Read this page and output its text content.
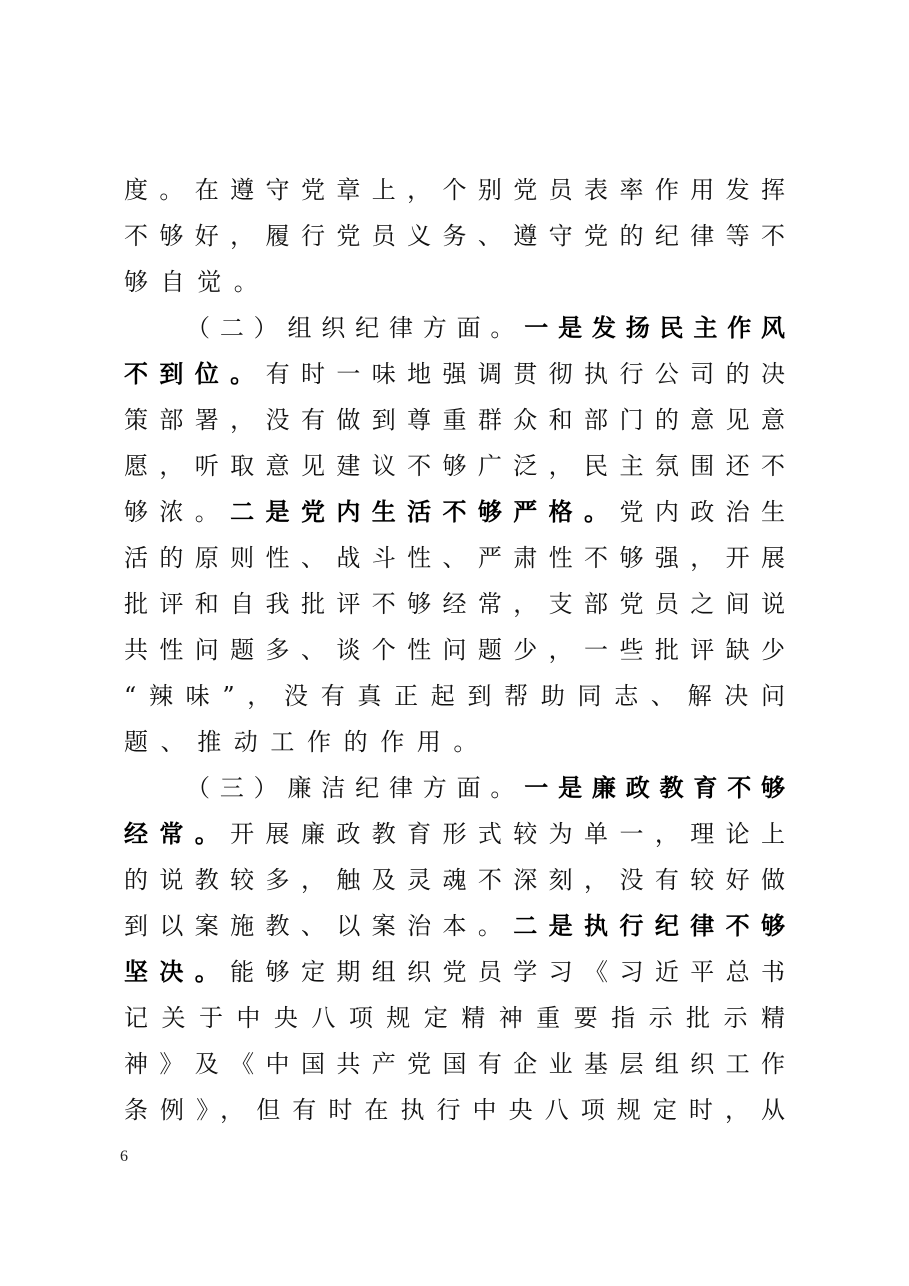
度。在遵守党章上，个别党员表率作用发挥
不够好，履行党员义务、遵守党的纪律等不
够自觉。
（二）组织纪律方面。一是发扬民主作风
不到位。有时一味地强调贯彻执行公司的决
策部署，没有做到尊重群众和部门的意见意
愿，听取意见建议不够广泛，民主氛围还不
够浓。二是党内生活不够严格。党内政治生
活的原则性、战斗性、严肃性不够强，开展
批评和自我批评不够经常，支部党员之间说
共性问题多、谈个性问题少，一些批评缺少
“辣味”，没有真正起到帮助同志、解决问
题、推动工作的作用。
（三）廉洁纪律方面。一是廉政教育不够
经常。开展廉政教育形式较为单一，理论上
的说教较多，触及灵魂不深刻，没有较好做
到以案施教、以案治本。二是执行纪律不够
坚决。能够定期组织党员学习《习近平总书
记关于中央八项规定精神重要指示批示精
神》及《中国共产党国有企业基层组织工作
条例》，但有时在执行中央八项规定时，从
6
